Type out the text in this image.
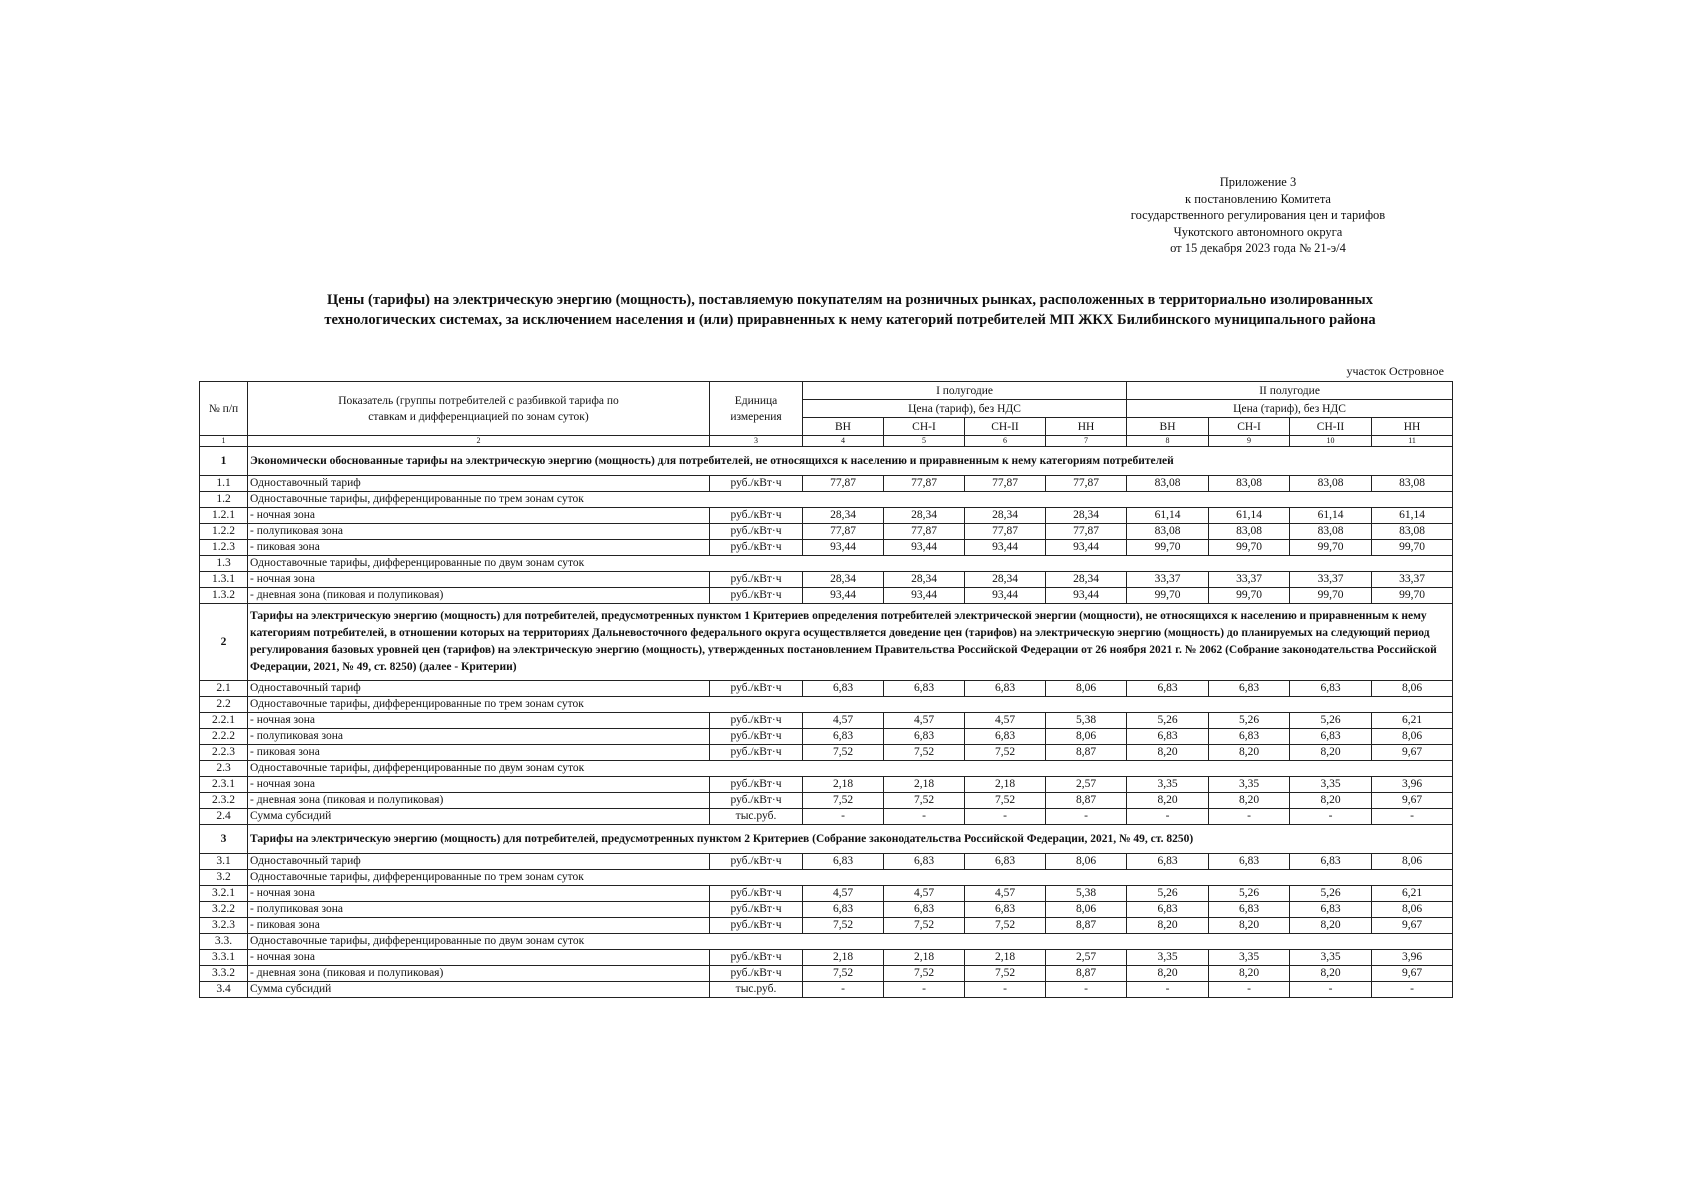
Приложение 3
к постановлению Комитета
государственного регулирования цен и тарифов
Чукотского автономного округа
от 15 декабря 2023 года № 21-э/4
Цены (тарифы) на электрическую энергию (мощность), поставляемую покупателям на розничных рынках, расположенных в территориально изолированных
технологических системах, за исключением населения и (или) приравненных к нему категорий потребителей МП ЖКХ Билибинского муниципального района
участок Островное
№ п/п	Показатель (группы потребителей с разбивкой тарифа по ставкам и дифференциацией по зонам суток)	Единица измерения	I полугодие				II полугодие			
			Цена (тариф), без НДС				Цена (тариф), без НДС			
			ВН	СН-I	СН-II	НН	ВН	СН-I	СН-II	НН
1	2	3	4	5	6	7	8	9	10	11
1	Экономически обоснованные тарифы на электрическую энергию (мощность) для потребителей, не относящихся к населению и приравненным к нему категориям потребителей									
1.1	Одноставочный тариф	руб./кВт·ч	77,87	77,87	77,87	77,87	83,08	83,08	83,08	83,08
1.2	Одноставочные тарифы, дифференцированные по трем зонам суток									
1.2.1	- ночная зона	руб./кВт·ч	28,34	28,34	28,34	28,34	61,14	61,14	61,14	61,14
1.2.2	- полупиковая зона	руб./кВт·ч	77,87	77,87	77,87	77,87	83,08	83,08	83,08	83,08
1.2.3	- пиковая зона	руб./кВт·ч	93,44	93,44	93,44	93,44	99,70	99,70	99,70	99,70
1.3	Одноставочные тарифы, дифференцированные по двум зонам суток									
1.3.1	- ночная зона	руб./кВт·ч	28,34	28,34	28,34	28,34	33,37	33,37	33,37	33,37
1.3.2	- дневная зона (пиковая и полупиковая)	руб./кВт·ч	93,44	93,44	93,44	93,44	99,70	99,70	99,70	99,70
2	Тарифы на электрическую энергию (мощность) для потребителей, предусмотренных пунктом 1 Критериев определения потребителей электрической энергии (мощности), не относящихся к населению и приравненным к нему категориям потребителей, в отношении которых на территориях Дальневосточного федерального округа осуществляется доведение цен (тарифов) на электрическую энергию (мощность) до планируемых на следующий период регулирования базовых уровней цен (тарифов) на электрическую энергию (мощность), утвержденных постановлением Правительства Российской Федерации от 26 ноября 2021 г. № 2062 (Собрание законодательства Российской Федерации, 2021, № 49, ст. 8250) (далее - Критерии)									
2.1	Одноставочный тариф	руб./кВт·ч	6,83	6,83	6,83	8,06	6,83	6,83	6,83	8,06
2.2	Одноставочные тарифы, дифференцированные по трем зонам суток									
2.2.1	- ночная зона	руб./кВт·ч	4,57	4,57	4,57	5,38	5,26	5,26	5,26	6,21
2.2.2	- полупиковая зона	руб./кВт·ч	6,83	6,83	6,83	8,06	6,83	6,83	6,83	8,06
2.2.3	- пиковая зона	руб./кВт·ч	7,52	7,52	7,52	8,87	8,20	8,20	8,20	9,67
2.3	Одноставочные тарифы, дифференцированные по двум зонам суток									
2.3.1	- ночная зона	руб./кВт·ч	2,18	2,18	2,18	2,57	3,35	3,35	3,35	3,96
2.3.2	- дневная зона (пиковая и полупиковая)	руб./кВт·ч	7,52	7,52	7,52	8,87	8,20	8,20	8,20	9,67
2.4	Сумма субсидий	тыс.руб.	-	-	-	-	-	-	-	-
3	Тарифы на электрическую энергию (мощность) для потребителей, предусмотренных пунктом 2 Критериев (Собрание законодательства Российской Федерации, 2021, № 49, ст. 8250)									
3.1	Одноставочный тариф	руб./кВт·ч	6,83	6,83	6,83	8,06	6,83	6,83	6,83	8,06
3.2	Одноставочные тарифы, дифференцированные по трем зонам суток									
3.2.1	- ночная зона	руб./кВт·ч	4,57	4,57	4,57	5,38	5,26	5,26	5,26	6,21
3.2.2	- полупиковая зона	руб./кВт·ч	6,83	6,83	6,83	8,06	6,83	6,83	6,83	8,06
3.2.3	- пиковая зона	руб./кВт·ч	7,52	7,52	7,52	8,87	8,20	8,20	8,20	9,67
3.3.	Одноставочные тарифы, дифференцированные по двум зонам суток									
3.3.1	- ночная зона	руб./кВт·ч	2,18	2,18	2,18	2,57	3,35	3,35	3,35	3,96
3.3.2	- дневная зона (пиковая и полупиковая)	руб./кВт·ч	7,52	7,52	7,52	8,87	8,20	8,20	8,20	9,67
3.4	Сумма субсидий	тыс.руб.	-	-	-	-	-	-	-	-
